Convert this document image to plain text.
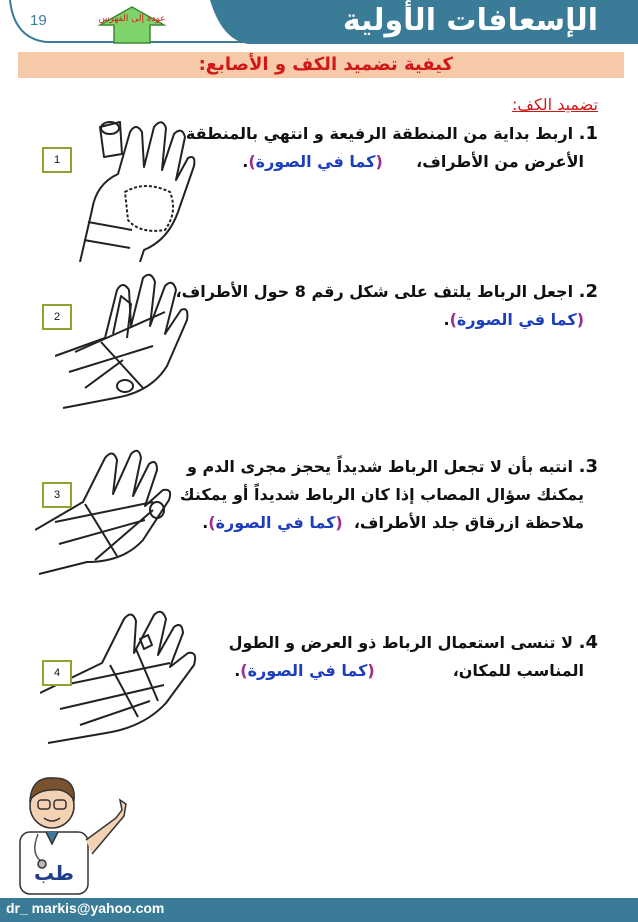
الإسعافات الأولية
19	عودة إلى الفهرس
كيفية تضميد الكف و الأصابع:
تضميد الكف:
1. اربط بداية من المنطقة الرفيعة و انتهي بالمنطقة
الأعرض من الأطراف،      (كما في الصورة).
1
2. اجعل الرباط يلتف على شكل رقم 8 حول الأطراف،
(كما في الصورة).
2
3. انتبه بأن لا تجعل الرباط شديداً يحجز مجرى الدم و
يمكنك سؤال المصاب إذا كان الرباط شديداً أو يمكنك
ملاحظة ازرقاق جلد الأطراف،  (كما في الصورة).
3
4. لا تنسى استعمال الرباط ذو العرض و الطول
المناسب للمكان،              (كما في الصورة).
4
طب
dr_ markis@yahoo.com
